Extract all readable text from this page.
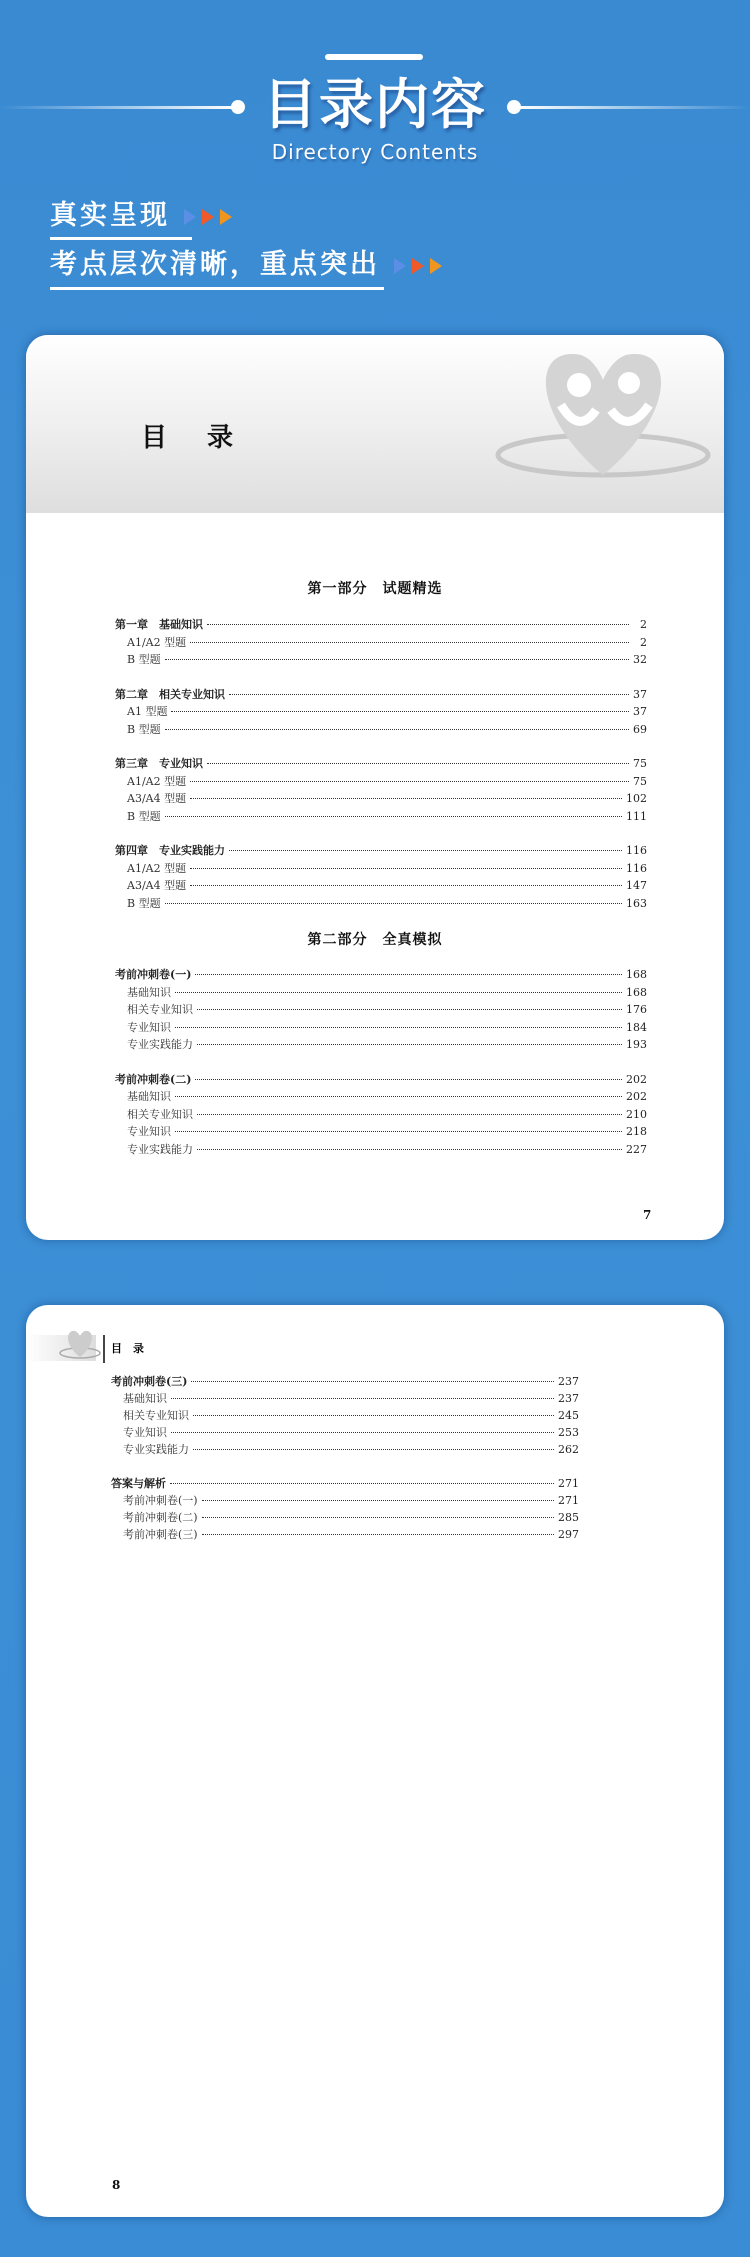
目录内容
Directory Contents
真实呈现
考点层次清晰，重点突出
目录
第一部分　试题精选
第一章　基础知识	2
A1/A2 型题	2
B 型题	32
第二章　相关专业知识	37
A1 型题	37
B 型题	69
第三章　专业知识	75
A1/A2 型题	75
A3/A4 型题	102
B 型题	111
第四章　专业实践能力	116
A1/A2 型题	116
A3/A4 型题	147
B 型题	163
第二部分　全真模拟
考前冲刺卷(一)	168
基础知识	168
相关专业知识	176
专业知识	184
专业实践能力	193
考前冲刺卷(二)	202
基础知识	202
相关专业知识	210
专业知识	218
专业实践能力	227
7
目　录
考前冲刺卷(三)	237
基础知识	237
相关专业知识	245
专业知识	253
专业实践能力	262
答案与解析	271
考前冲刺卷(一)	271
考前冲刺卷(二)	285
考前冲刺卷(三)	297
8
